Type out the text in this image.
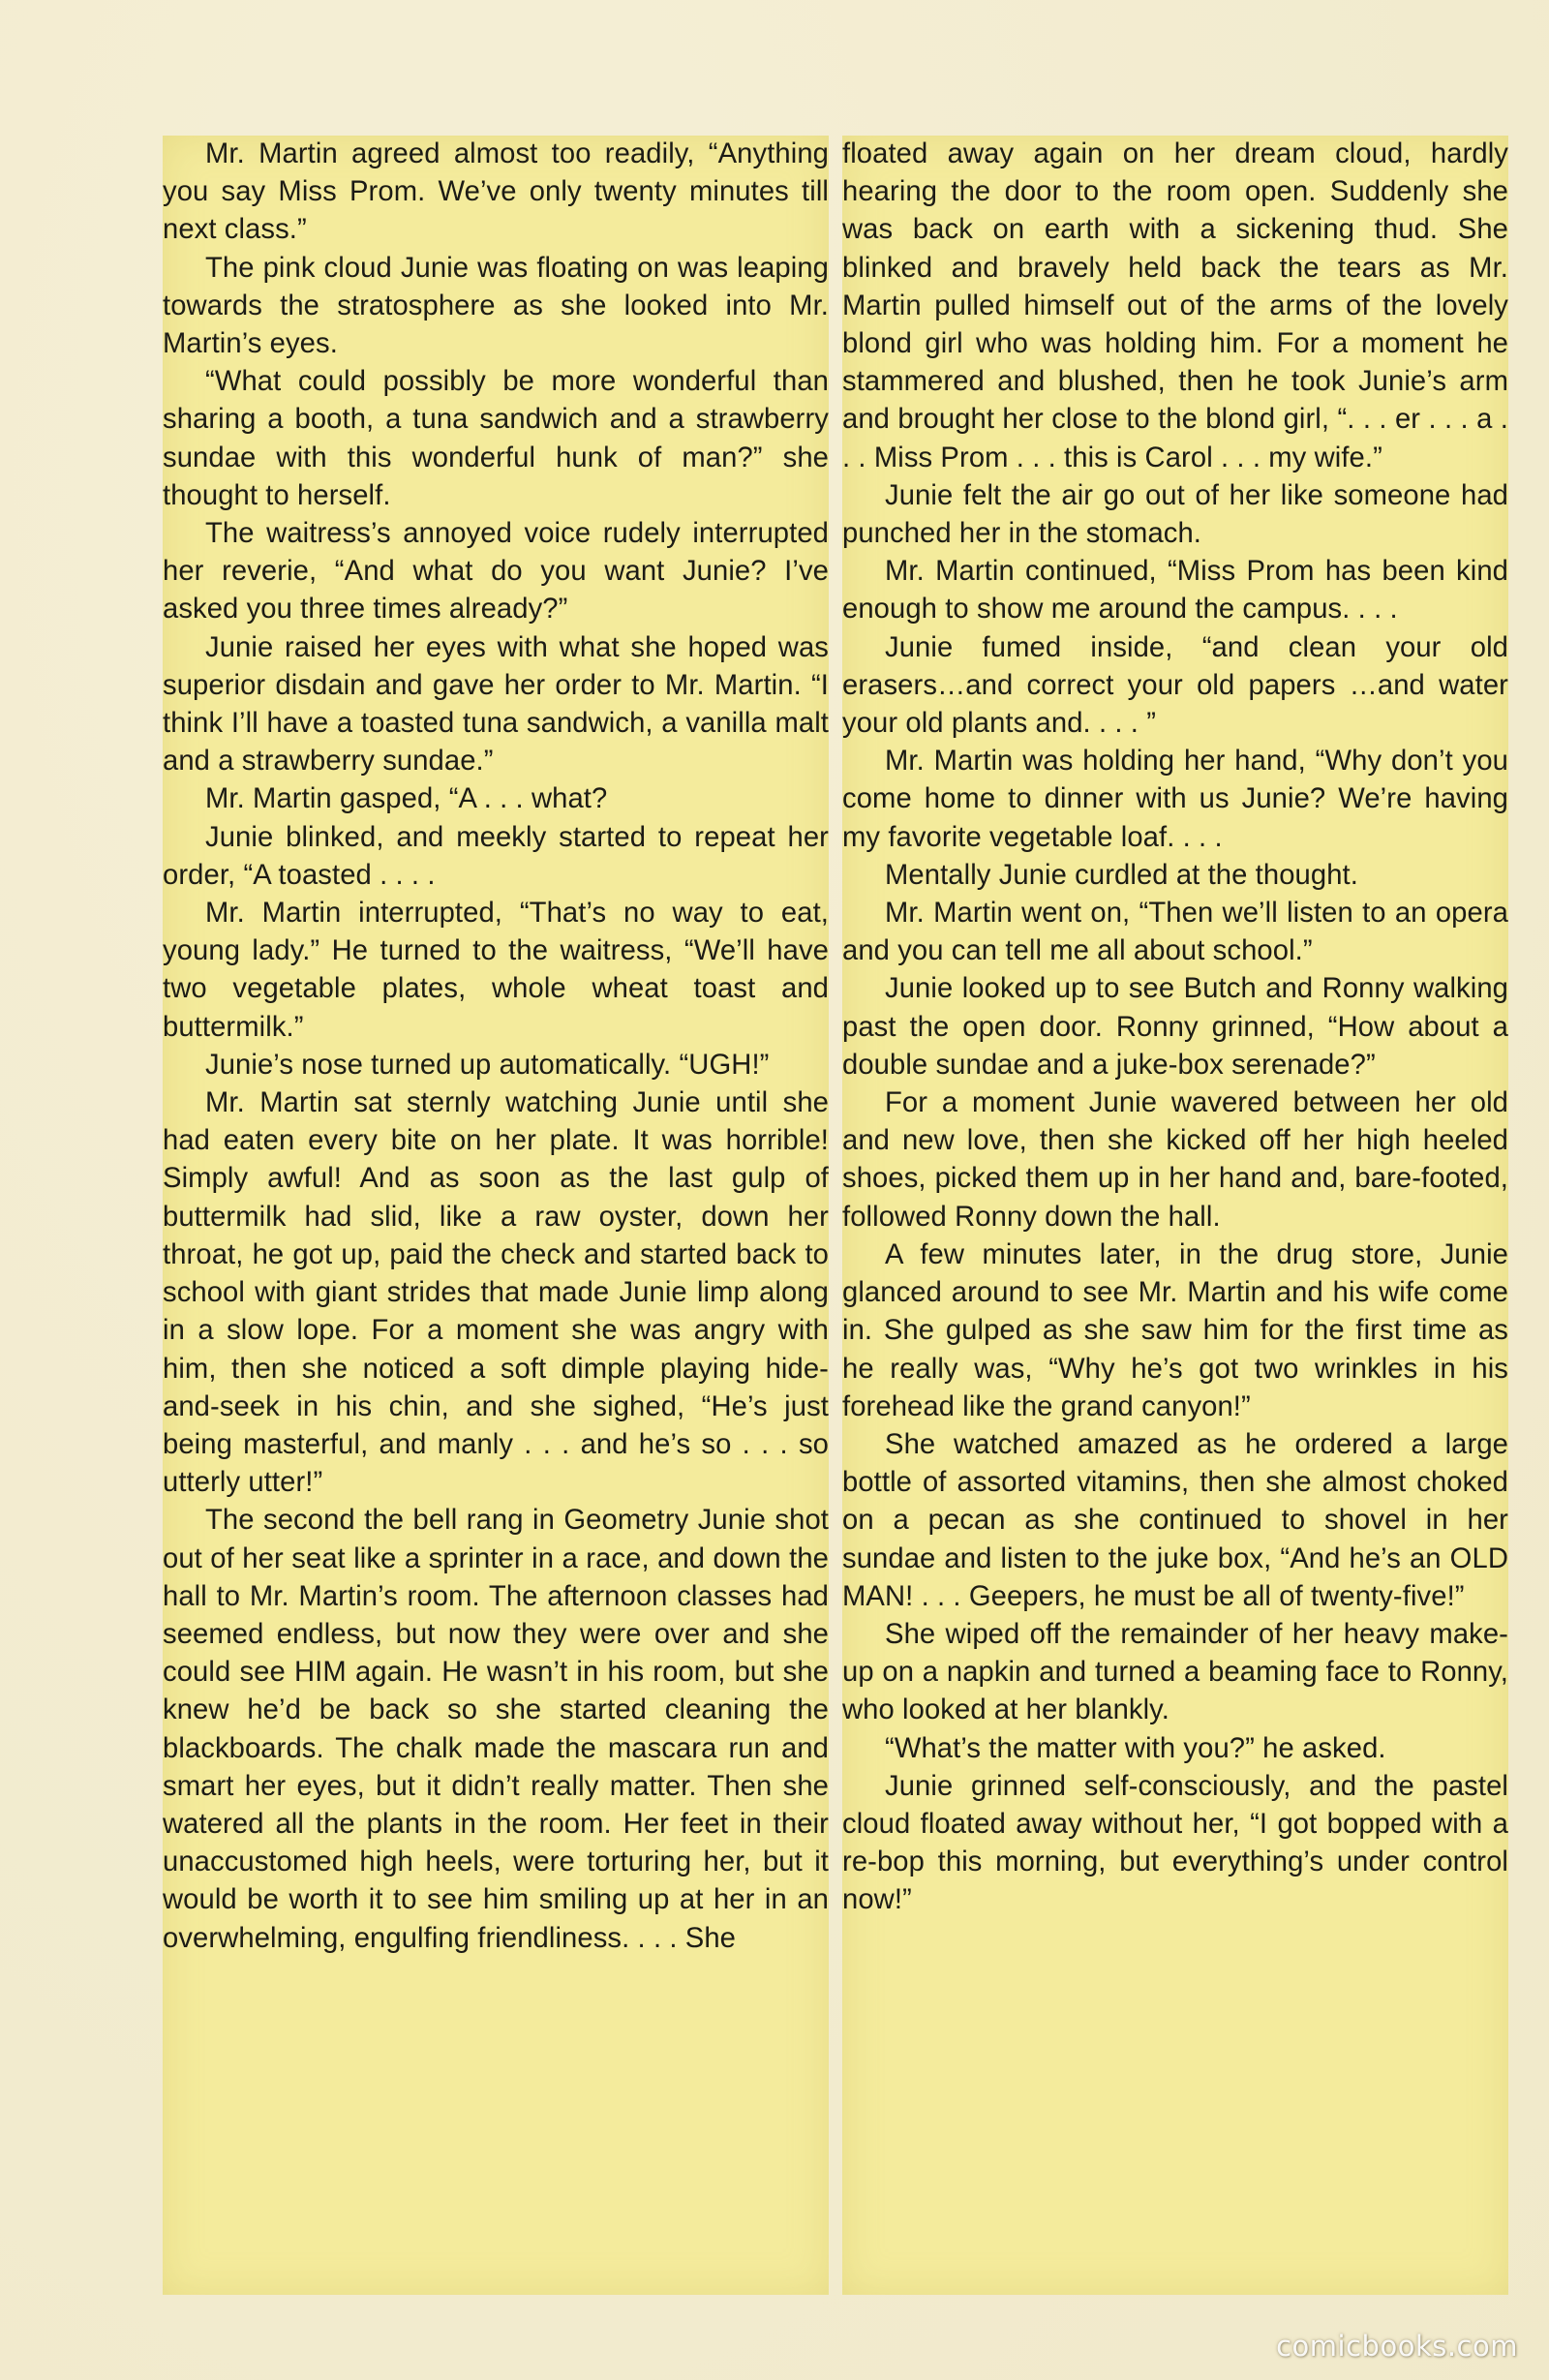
Mr. Martin agreed almost too readily, “Anything you say Miss Prom. We’ve only twenty minutes till next class.”

The pink cloud Junie was floating on was leaping towards the stratosphere as she looked into Mr. Martin’s eyes.

“What could possibly be more wonderful than sharing a booth, a tuna sandwich and a strawberry sundae with this wonderful hunk of man?” she thought to herself.

The waitress’s annoyed voice rudely interrupted her reverie, “And what do you want Junie? I’ve asked you three times already?”

Junie raised her eyes with what she hoped was superior disdain and gave her order to Mr. Martin. “I think I’ll have a toasted tuna sandwich, a vanilla malt and a strawberry sundae.”

Mr. Martin gasped, “A . . . what?

Junie blinked, and meekly started to repeat her order, “A toasted . . . .

Mr. Martin interrupted, “That’s no way to eat, young lady.” He turned to the waitress, “We’ll have two vegetable plates, whole wheat toast and buttermilk.”

Junie’s nose turned up automatically. “UGH!”

Mr. Martin sat sternly watching Junie until she had eaten every bite on her plate. It was horrible! Simply awful! And as soon as the last gulp of buttermilk had slid, like a raw oyster, down her throat, he got up, paid the check and started back to school with giant strides that made Junie limp along in a slow lope. For a moment she was angry with him, then she noticed a soft dimple playing hide-and-seek in his chin, and she sighed, “He’s just being masterful, and manly . . . and he’s so . . . so utterly utter!”

The second the bell rang in Geometry Junie shot out of her seat like a sprinter in a race, and down the hall to Mr. Martin’s room. The afternoon classes had seemed endless, but now they were over and she could see HIM again. He wasn’t in his room, but she knew he’d be back so she started cleaning the blackboards. The chalk made the mascara run and smart her eyes, but it didn’t really matter. Then she watered all the plants in the room. Her feet in their unaccustomed high heels, were torturing her, but it would be worth it to see him smiling up at her in an overwhelming, engulfing friendliness. . . . She

floated away again on her dream cloud, hardly hearing the door to the room open. Suddenly she was back on earth with a sickening thud. She blinked and bravely held back the tears as Mr. Martin pulled himself out of the arms of the lovely blond girl who was holding him. For a moment he stammered and blushed, then he took Junie’s arm and brought her close to the blond girl, “. . . er . . . a . . . Miss Prom . . . this is Carol . . . my wife.”

Junie felt the air go out of her like someone had punched her in the stomach.

Mr. Martin continued, “Miss Prom has been kind enough to show me around the campus. . . .

Junie fumed inside, “and clean your old erasers…and correct your old papers …and water your old plants and. . . . ”

Mr. Martin was holding her hand, “Why don’t you come home to dinner with us Junie? We’re having my favorite vegetable loaf. . . .

Mentally Junie curdled at the thought.

Mr. Martin went on, “Then we’ll listen to an opera and you can tell me all about school.”

Junie looked up to see Butch and Ronny walking past the open door. Ronny grinned, “How about a double sundae and a juke-box serenade?”

For a moment Junie wavered between her old and new love, then she kicked off her high heeled shoes, picked them up in her hand and, bare-footed, followed Ronny down the hall.

A few minutes later, in the drug store, Junie glanced around to see Mr. Martin and his wife come in. She gulped as she saw him for the first time as he really was, “Why he’s got two wrinkles in his forehead like the grand canyon!”

She watched amazed as he ordered a large bottle of assorted vitamins, then she almost choked on a pecan as she continued to shovel in her sundae and listen to the juke box, “And he’s an OLD MAN! . . . Geepers, he must be all of twenty-five!”

She wiped off the remainder of her heavy make-up on a napkin and turned a beaming face to Ronny, who looked at her blankly.

“What’s the matter with you?” he asked.

Junie grinned self-consciously, and the pastel cloud floated away without her, “I got bopped with a re-bop this morning, but everything’s under control now!”

comicbooks.com
